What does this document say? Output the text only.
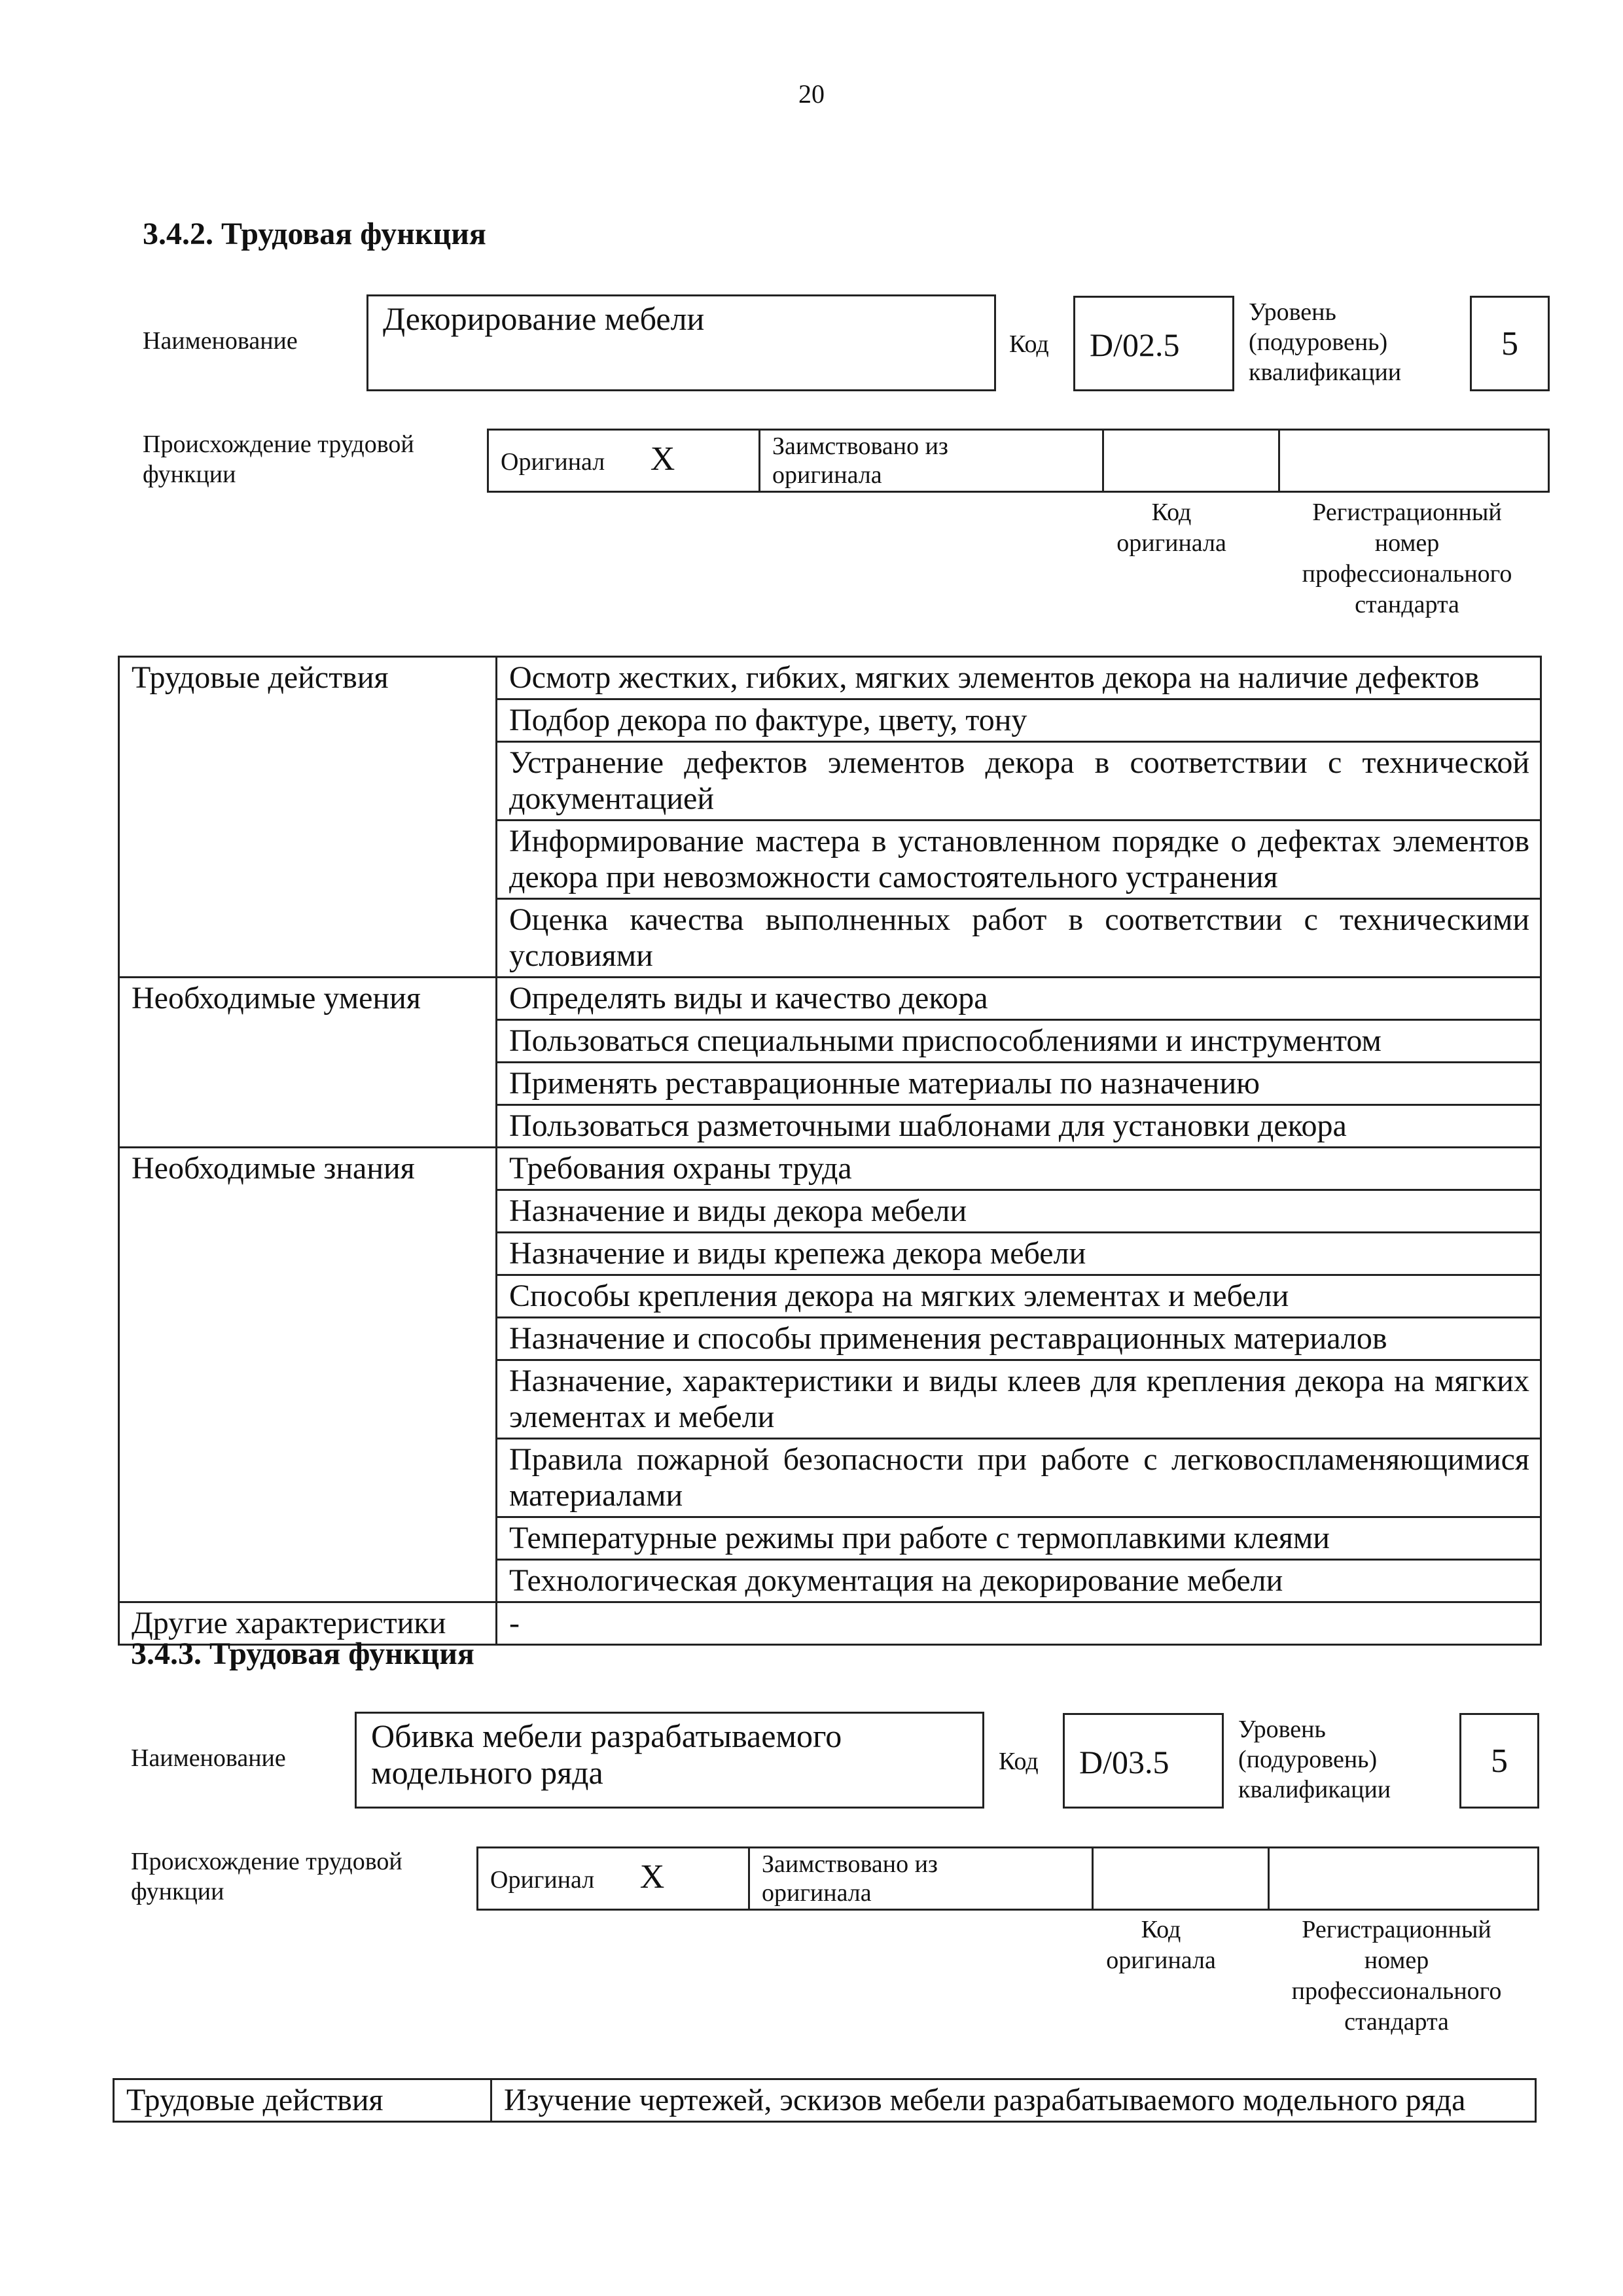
20
3.4.2. Трудовая функция
Наименование
Декорирование мебели
Код	D/02.5
Уровень
(подуровень)
квалификации
5
Происхождение трудовой
функции	Оригинал X	Заимствовано из
оригинала

Код
оригинала
Регистрационный
номер
профессионального
стандарта
Трудовые действия	Осмотр жестких, гибких, мягких элементов декора на наличие дефектов
	Подбор декора по фактуре, цвету, тону
	Устранение дефектов элементов декора в соответствии с технической документацией
	Информирование мастера в установленном порядке о дефектах элементов декора при невозможности самостоятельного устранения
	Оценка качества выполненных работ в соответствии с техническими условиями
Необходимые умения	Определять виды и качество декора
	Пользоваться специальными приспособлениями и инструментом
	Применять реставрационные материалы по назначению
	Пользоваться разметочными шаблонами для установки декора
Необходимые знания	Требования охраны труда
	Назначение и виды декора мебели
	Назначение и виды крепежа декора мебели
	Способы крепления декора на мягких элементах и мебели
	Назначение и способы применения реставрационных материалов
	Назначение, характеристики и виды клеев для крепления декора на мягких элементах и мебели
	Правила пожарной безопасности при работе с легковоспламеняющимися материалами
	Температурные режимы при работе с термоплавкими клеями
	Технологическая документация на декорирование мебели
Другие характеристики	-
3.4.3. Трудовая функция
Наименование
Обивка мебели разрабатываемого
модельного ряда	Код	D/03.5
Уровень
(подуровень)
квалификации
5
Происхождение трудовой
функции	Оригинал X	Заимствовано из
оригинала

Код
оригинала
Регистрационный
номер
профессионального
стандарта
Трудовые действия	Изучение чертежей, эскизов мебели разрабатываемого модельного ряда
